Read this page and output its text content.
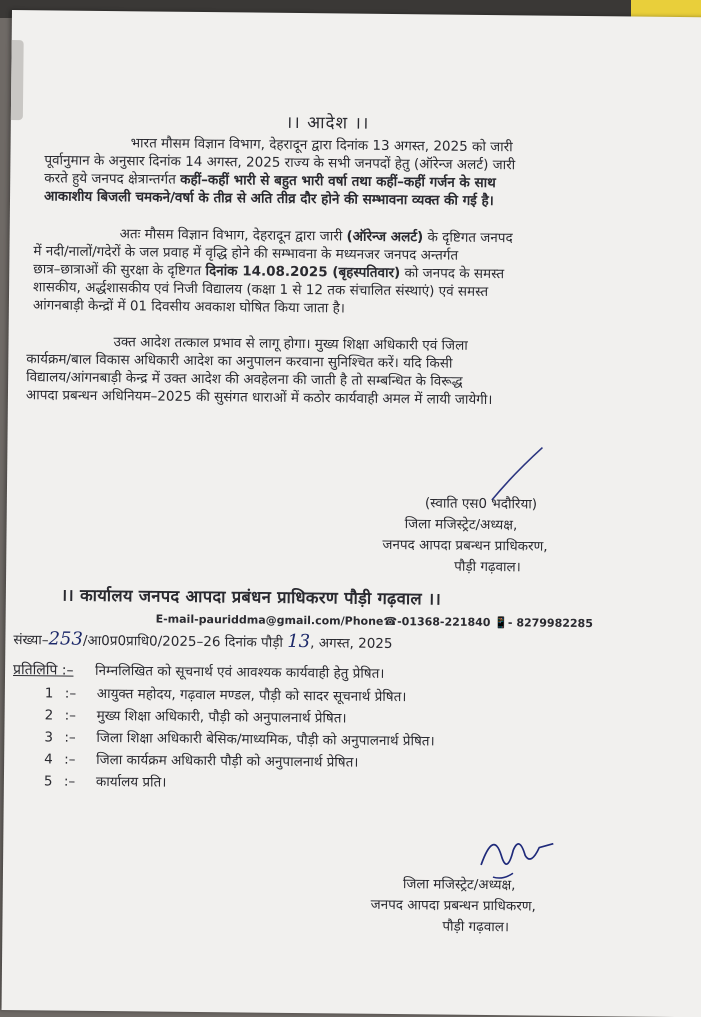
।। आदेश ।।
भारत मौसम विज्ञान विभाग, देहरादून द्वारा दिनांक 13 अगस्त, 2025 को जारी
पूर्वानुमान के अनुसार दिनांक 14 अगस्त, 2025 राज्य के सभी जनपदों हेतु (ऑरेन्ज अलर्ट) जारी
करते हुये जनपद क्षेत्रान्तर्गत कहीं–कहीं भारी से बहुत भारी वर्षा तथा कहीं–कहीं गर्जन के साथ
आकाशीय बिजली चमकने/वर्षा के तीव्र से अति तीव्र दौर होने की सम्भावना व्यक्त की गई है।
अतः मौसम विज्ञान विभाग, देहरादून द्वारा जारी (ऑरेन्ज अलर्ट) के दृष्टिगत जनपद
में नदी/नालों/गदेरों के जल प्रवाह में वृद्धि होने की सम्भावना के मध्यनजर जनपद अन्तर्गत
छात्र–छात्राओं की सुरक्षा के दृष्टिगत दिनांक 14.08.2025 (बृहस्पतिवार) को जनपद के समस्त
शासकीय, अर्द्धशासकीय एवं निजी विद्यालय (कक्षा 1 से 12 तक संचालित संस्थाएं) एवं समस्त
आंगनबाड़ी केन्द्रों में 01 दिवसीय अवकाश घोषित किया जाता है।
उक्त आदेश तत्काल प्रभाव से लागू होगा। मुख्य शिक्षा अधिकारी एवं जिला
कार्यक्रम/बाल विकास अधिकारी आदेश का अनुपालन करवाना सुनिश्चित करें। यदि किसी
विद्यालय/आंगनबाड़ी केन्द्र में उक्त आदेश की अवहेलना की जाती है तो सम्बन्धित के विरूद्ध
आपदा प्रबन्धन अधिनियम–2025 की सुसंगत धाराओं में कठोर कार्यवाही अमल में लायी जायेगी।
(स्वाति एस0 भदौरिया)
जिला मजिस्ट्रेट/अध्यक्ष,
जनपद आपदा प्रबन्धन प्राधिकरण,
पौड़ी गढ़वाल।
।। कार्यालय जनपद आपदा प्रबंधन प्राधिकरण पौड़ी गढ़वाल ।।
E-mail-pauriddma@gmail.com/Phone☎-01368-221840 📱- 8279982285
संख्या–253/आ0प्र0प्राधि0/2025–26 दिनांक पौड़ी 13, अगस्त, 2025
प्रतिलिपि :– निम्नलिखित को सूचनार्थ एवं आवश्यक कार्यवाही हेतु प्रेषित।
1 :– आयुक्त महोदय, गढ़वाल मण्डल, पौड़ी को सादर सूचनार्थ प्रेषित।
2 :– मुख्य शिक्षा अधिकारी, पौड़ी को अनुपालनार्थ प्रेषित।
3 :– जिला शिक्षा अधिकारी बेसिक/माध्यमिक, पौड़ी को अनुपालनार्थ प्रेषित।
4 :– जिला कार्यक्रम अधिकारी पौड़ी को अनुपालनार्थ प्रेषित।
5 :– कार्यालय प्रति।
जिला मजिस्ट्रेट/अध्यक्ष,
जनपद आपदा प्रबन्धन प्राधिकरण,
पौड़ी गढ़वाल।
